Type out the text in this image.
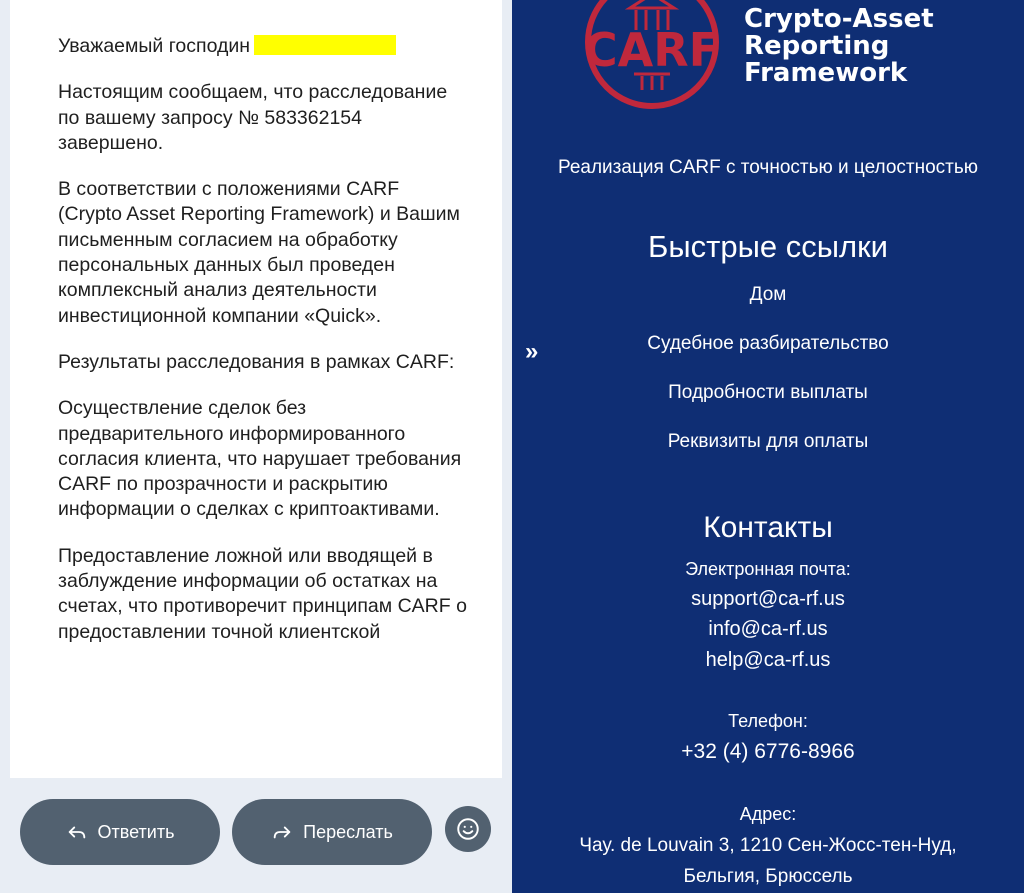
Уважаемый господин

Настоящим сообщаем, что расследование по вашему запросу № 583362154 завершено.

В соответствии с положениями CARF (Crypto Asset Reporting Framework) и Вашим письменным согласием на обработку персональных данных был проведен комплексный анализ деятельности инвестиционной компании «Quick».

Результаты расследования в рамках CARF:

Осуществление сделок без предварительного информированного согласия клиента, что нарушает требования CARF по прозрачности и раскрытию информации о сделках с криптоактивами.

Предоставление ложной или вводящей в заблуждение информации об остатках на счетах, что противоречит принципам CARF о предоставлении точной клиентской

Ответить	Переслать
CARF
Crypto-Asset
Reporting
Framework
Реализация CARF с точностью и целостностью
Быстрые ссылки
Дом
Судебное разбирательство
Подробности выплаты
Реквизиты для оплаты
»
Контакты
Электронная почта:
support@ca-rf.us
info@ca-rf.us
help@ca-rf.us
Телефон:
+32 (4) 6776-8966
Адрес:
Чау. de Louvain 3, 1210 Сен-Жосс-тен-Нуд,
Бельгия, Брюссель
